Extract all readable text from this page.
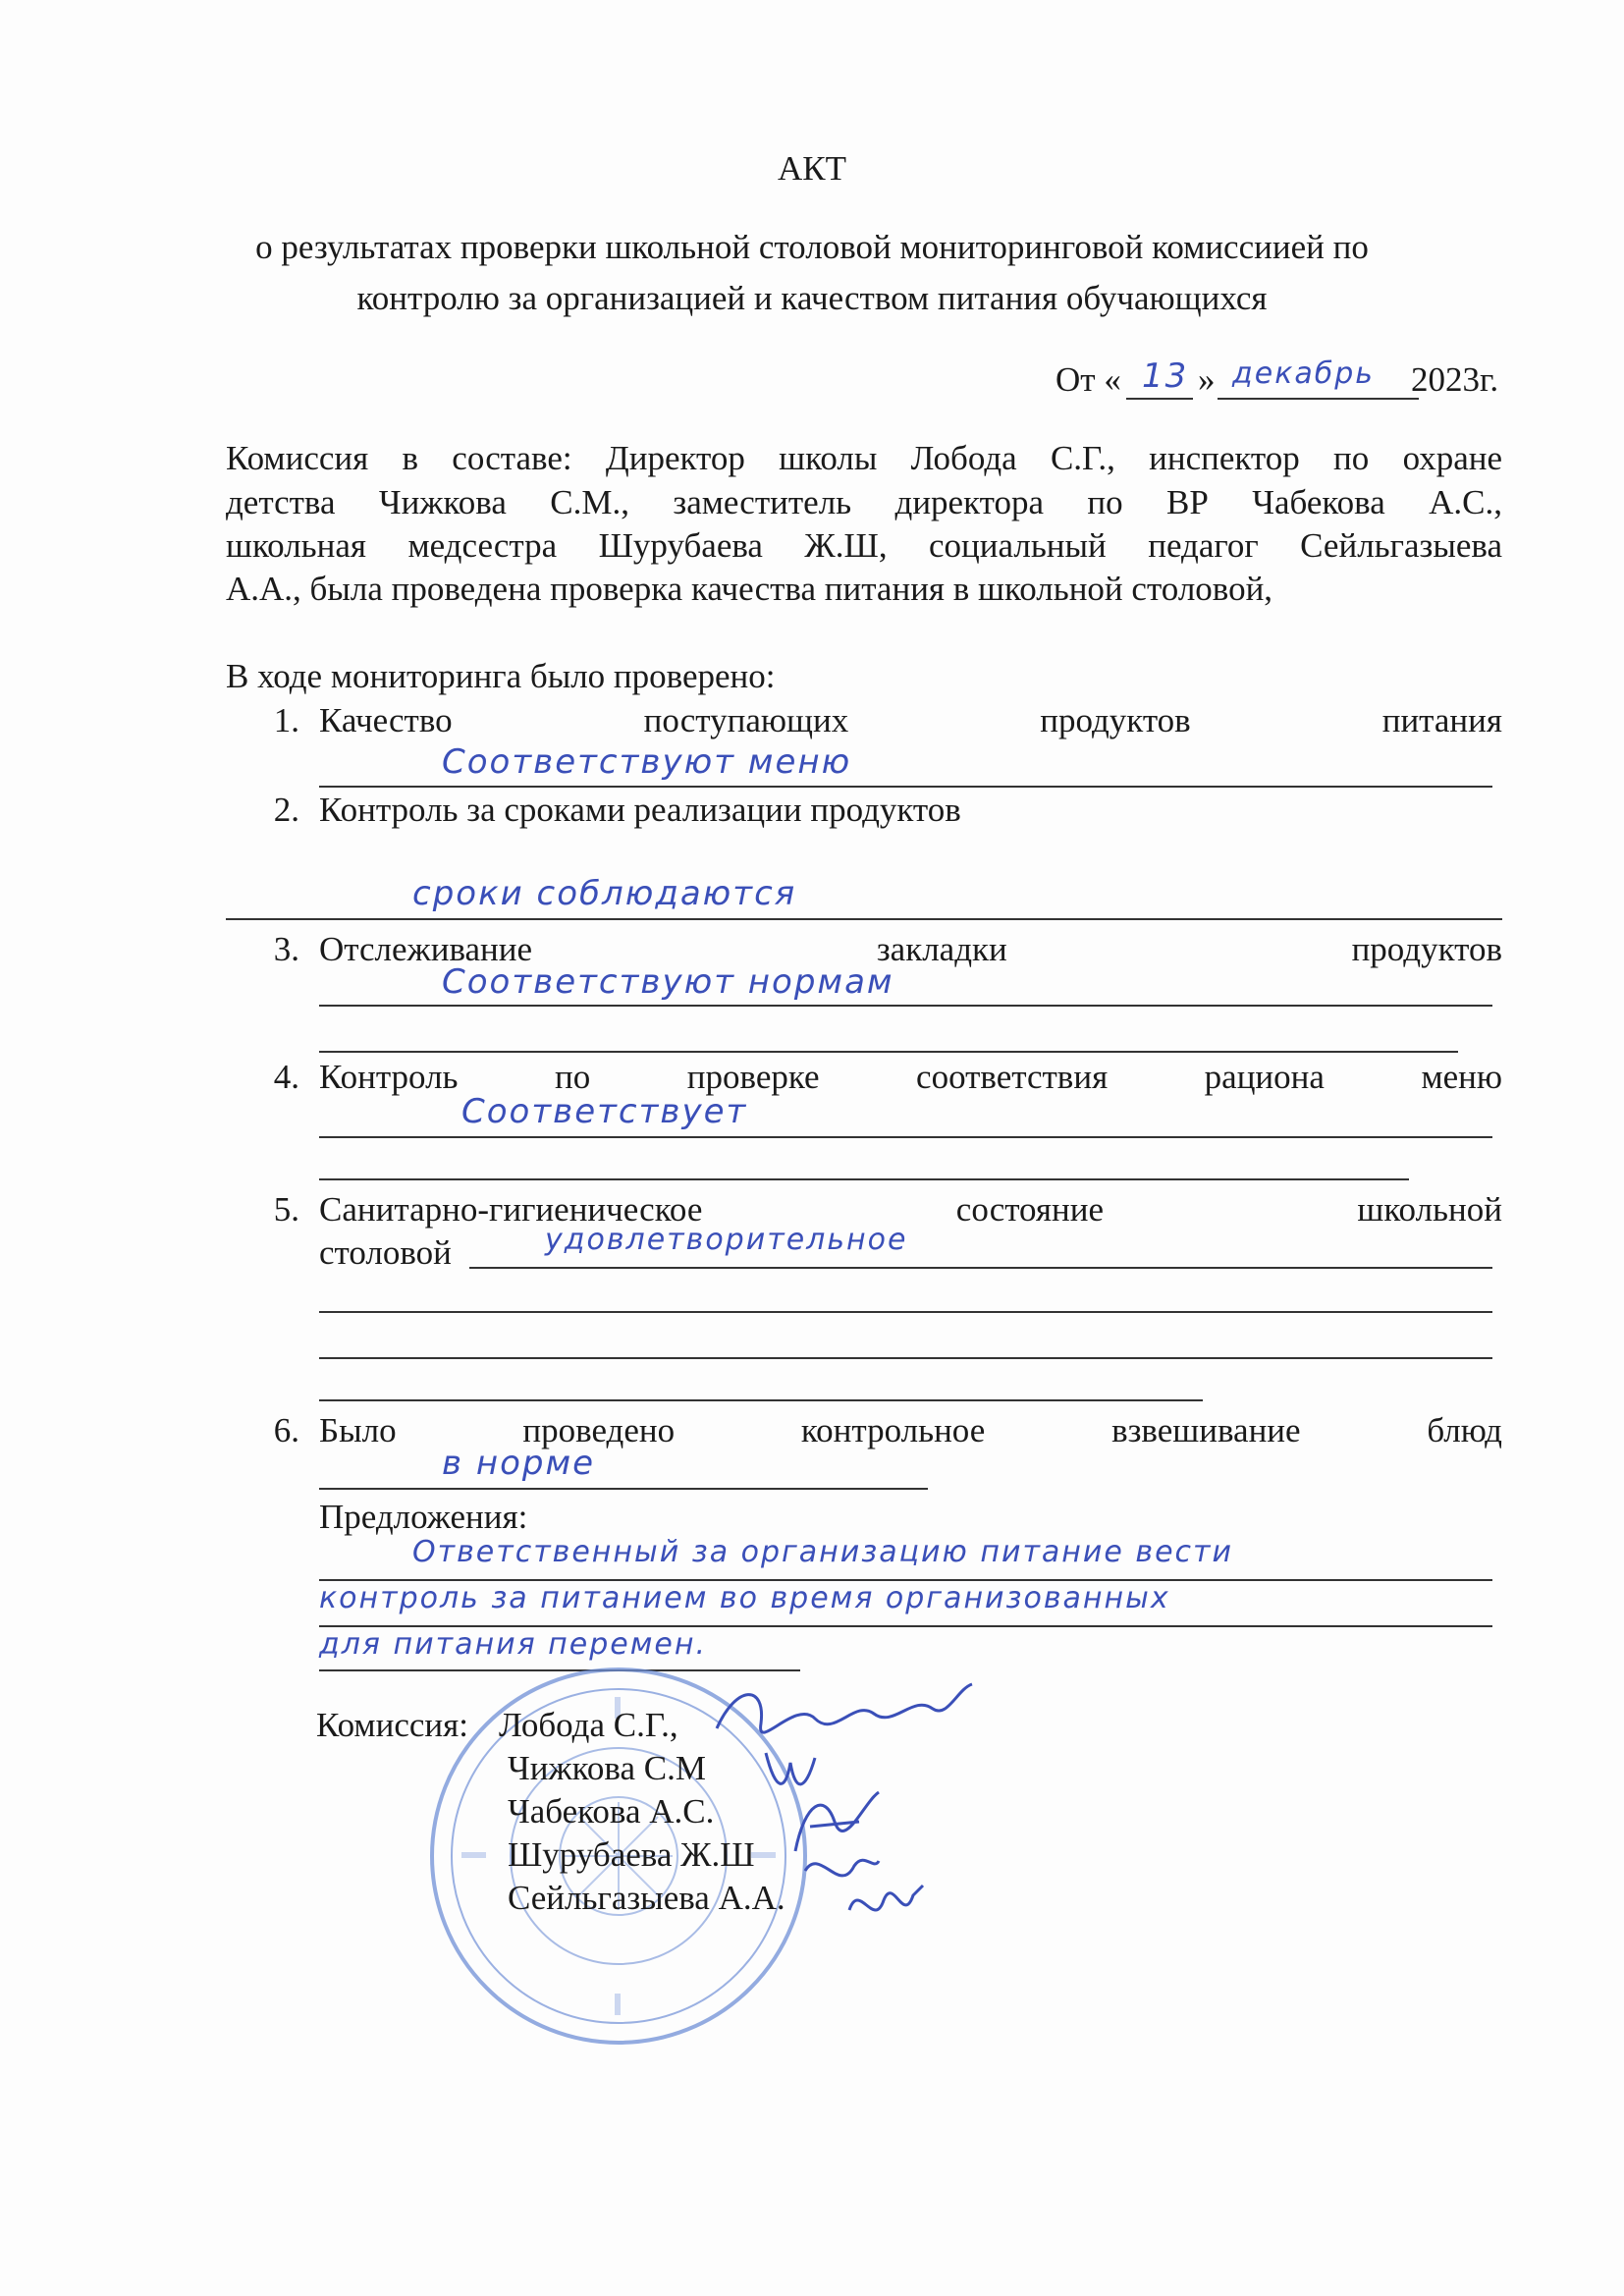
АКТ
о результатах проверки школьной столовой мониторинговой комиссиией по
контролю за организацией и качеством питания обучающихся
От « 13 » декабрь 2023г.
Комиссия в составе: Директор школы Лобода С.Г., инспектор по охране
детства Чижкова С.М., заместитель директора по ВР Чабекова А.С.,
школьная медсестра Шурубаева Ж.Ш, социальный педагог Сейльгазыева
А.А., была проведена проверка качества питания в школьной столовой,
В ходе мониторинга было проверено:
1. Качество	поступающих	продуктов	питания
Соответствуют меню
2. Контроль за сроками реализации продуктов
сроки соблюдаются
3. Отслеживание	закладки	продуктов
Соответствуют нормам
4. Контроль	по	проверке	соответствия	рациона	меню
Соответствует
5. Санитарно-гигиеническое	состояние	школьной
столовой	удовлетворительное
6. Было	проведено	контрольное	взвешивание	блюд
в норме
Предложения:
Ответственный за организацию питание вести
контроль за питанием во время организованных
для питания перемен.
Комиссия: Лобода С.Г.,
Чижкова С.М
Чабекова А.С.
Шурубаева Ж.Ш
Сейльгазыева А.А.
